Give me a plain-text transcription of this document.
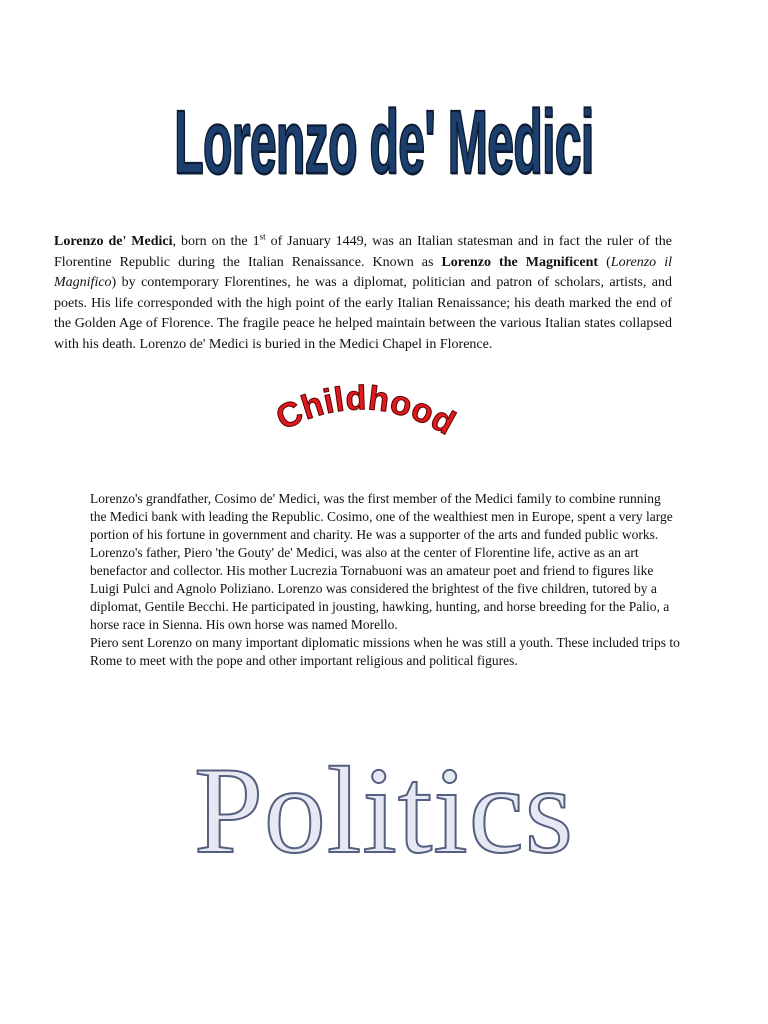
Lorenzo de' Medici

Lorenzo de' Medici, born on the 1st of January 1449, was an Italian statesman and in fact the ruler of the Florentine Republic during the Italian Renaissance. Known as Lorenzo the Magnificent (Lorenzo il Magnifico) by contemporary Florentines, he was a diplomat, politician and patron of scholars, artists, and poets. His life corresponded with the high point of the early Italian Renaissance; his death marked the end of the Golden Age of Florence. The fragile peace he helped maintain between the various Italian states collapsed with his death. Lorenzo de' Medici is buried in the Medici Chapel in Florence.

Childhood

Lorenzo's grandfather, Cosimo de' Medici, was the first member of the Medici family to combine running the Medici bank with leading the Republic. Cosimo, one of the wealthiest men in Europe, spent a very large portion of his fortune in government and charity. He was a supporter of the arts and funded public works. Lorenzo's father, Piero 'the Gouty' de' Medici, was also at the center of Florentine life, active as an art benefactor and collector. His mother Lucrezia Tornabuoni was an amateur poet and friend to figures like Luigi Pulci and Agnolo Poliziano. Lorenzo was considered the brightest of the five children, tutored by a diplomat, Gentile Becchi. He participated in jousting, hawking, hunting, and horse breeding for the Palio, a horse race in Sienna. His own horse was named Morello.

Piero sent Lorenzo on many important diplomatic missions when he was still a youth. These included trips to Rome to meet with the pope and other important religious and political figures.

Politics
